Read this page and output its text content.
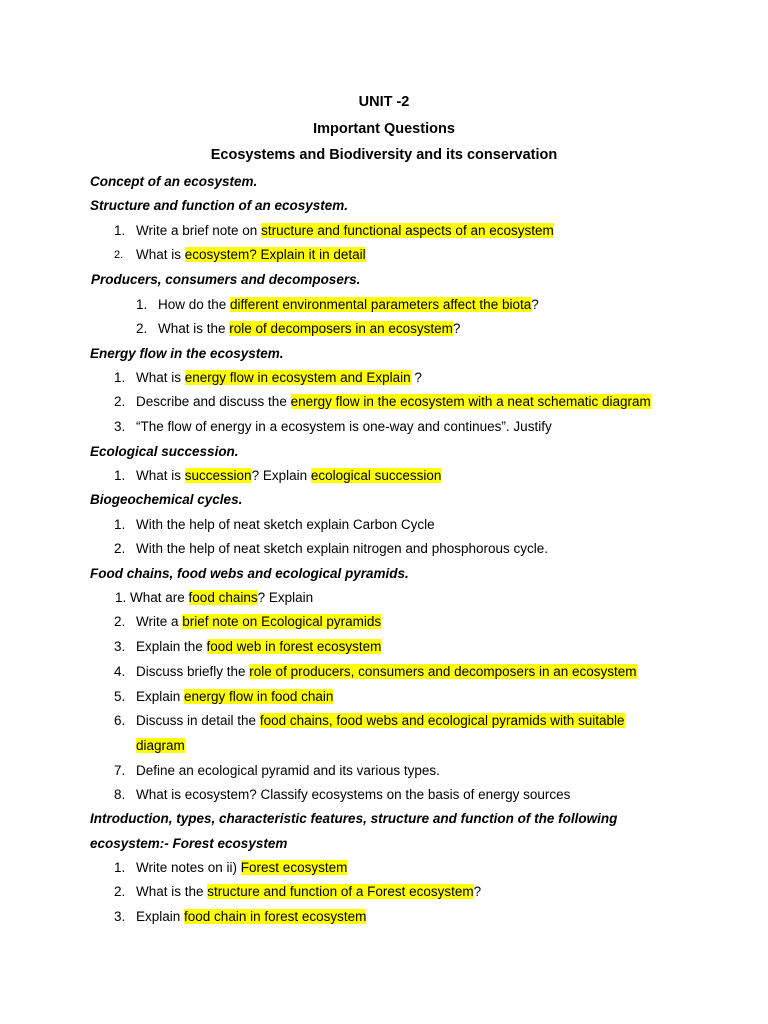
UNIT -2
Important Questions
Ecosystems and Biodiversity and its conservation
Concept of an ecosystem.
Structure and function of an ecosystem.
1. Write a brief note on structure and functional aspects of an ecosystem
2. What is ecosystem? Explain it in detail
Producers, consumers and decomposers.
1. How do the different environmental parameters affect the biota?
2. What is the role of decomposers in an ecosystem?
Energy flow in the ecosystem.
1. What is energy flow in ecosystem and Explain ?
2. Describe and discuss the energy flow in the ecosystem with a neat schematic diagram
3. “The flow of energy in a ecosystem is one-way and continues”. Justify
Ecological succession.
1. What is succession? Explain ecological succession
Biogeochemical cycles.
1. With the help of neat sketch explain Carbon Cycle
2. With the help of neat sketch explain nitrogen and phosphorous cycle.
Food chains, food webs and ecological pyramids.
1. What are food chains? Explain
2. Write a brief note on Ecological pyramids
3. Explain the food web in forest ecosystem
4. Discuss briefly the role of producers, consumers and decomposers in an ecosystem
5. Explain energy flow in food chain
6. Discuss in detail the food chains, food webs and ecological pyramids with suitable
diagram
7. Define an ecological pyramid and its various types.
8. What is ecosystem? Classify ecosystems on the basis of energy sources
Introduction, types, characteristic features, structure and function of the following
ecosystem:- Forest ecosystem
1. Write notes on ii) Forest ecosystem
2. What is the structure and function of a Forest ecosystem?
3. Explain food chain in forest ecosystem
